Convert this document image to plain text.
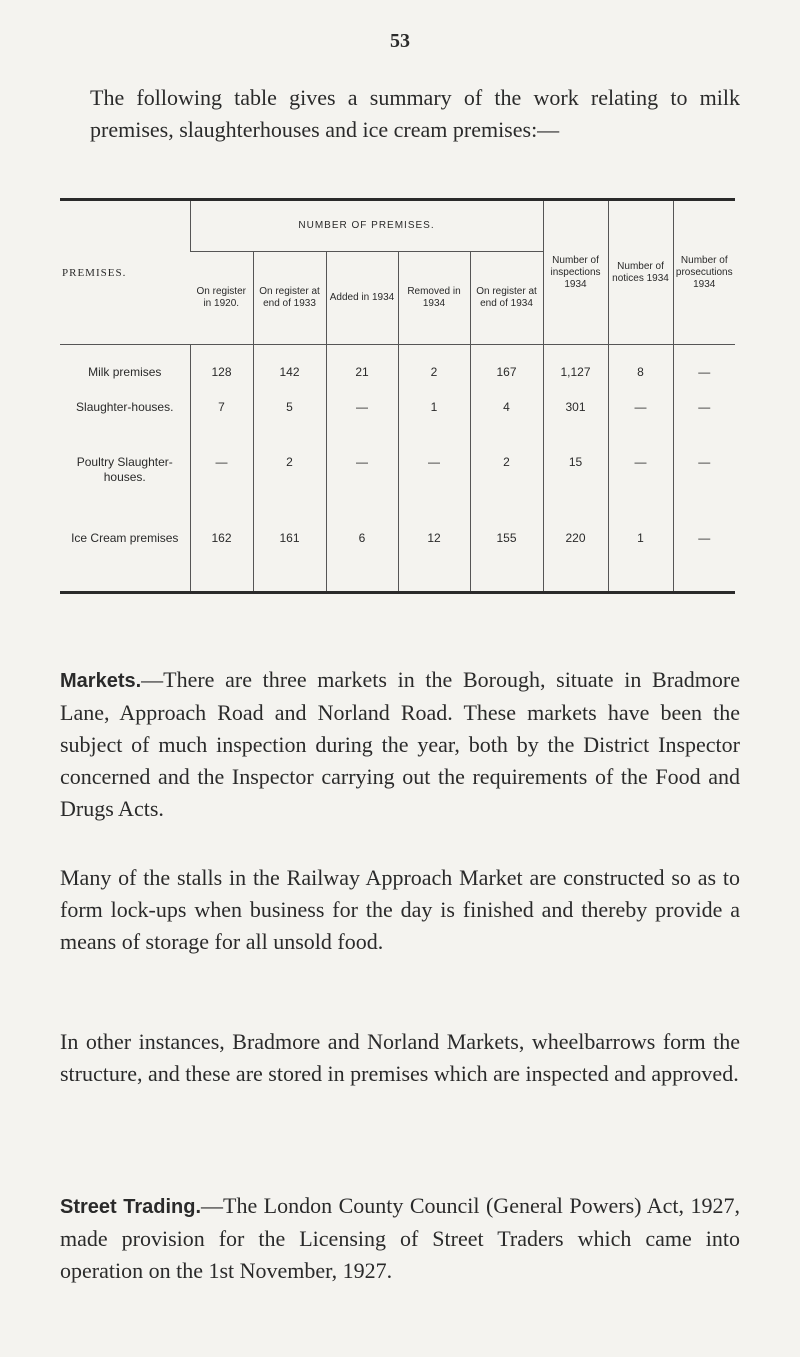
53

The following table gives a summary of the work relating to milk premises, slaughterhouses and ice cream premises:—

PREMISES.	NUMBER OF PREMISES.					Number of inspections 1934	Number of notices 1934	Number of prosecutions 1934
	On register in 1920.	On register at end of 1933	Added in 1934	Removed in 1934	On register at end of 1934			
Milk premises	128	142	21	2	167	1,127	8	—
Slaughter-houses.	7	5	—	1	4	301	—	—
Poultry Slaughter-houses.	—	2	—	—	2	15	—	—
Ice Cream premises	162	161	6	12	155	220	1	—

Markets.—There are three markets in the Borough, situate in Bradmore Lane, Approach Road and Norland Road. These markets have been the subject of much inspection during the year, both by the District Inspector concerned and the Inspector carrying out the requirements of the Food and Drugs Acts.

Many of the stalls in the Railway Approach Market are constructed so as to form lock-ups when business for the day is finished and thereby provide a means of storage for all unsold food.

In other instances, Bradmore and Norland Markets, wheelbarrows form the structure, and these are stored in premises which are inspected and approved.

Street Trading.—The London County Council (General Powers) Act, 1927, made provision for the Licensing of Street Traders which came into operation on the 1st November, 1927.
